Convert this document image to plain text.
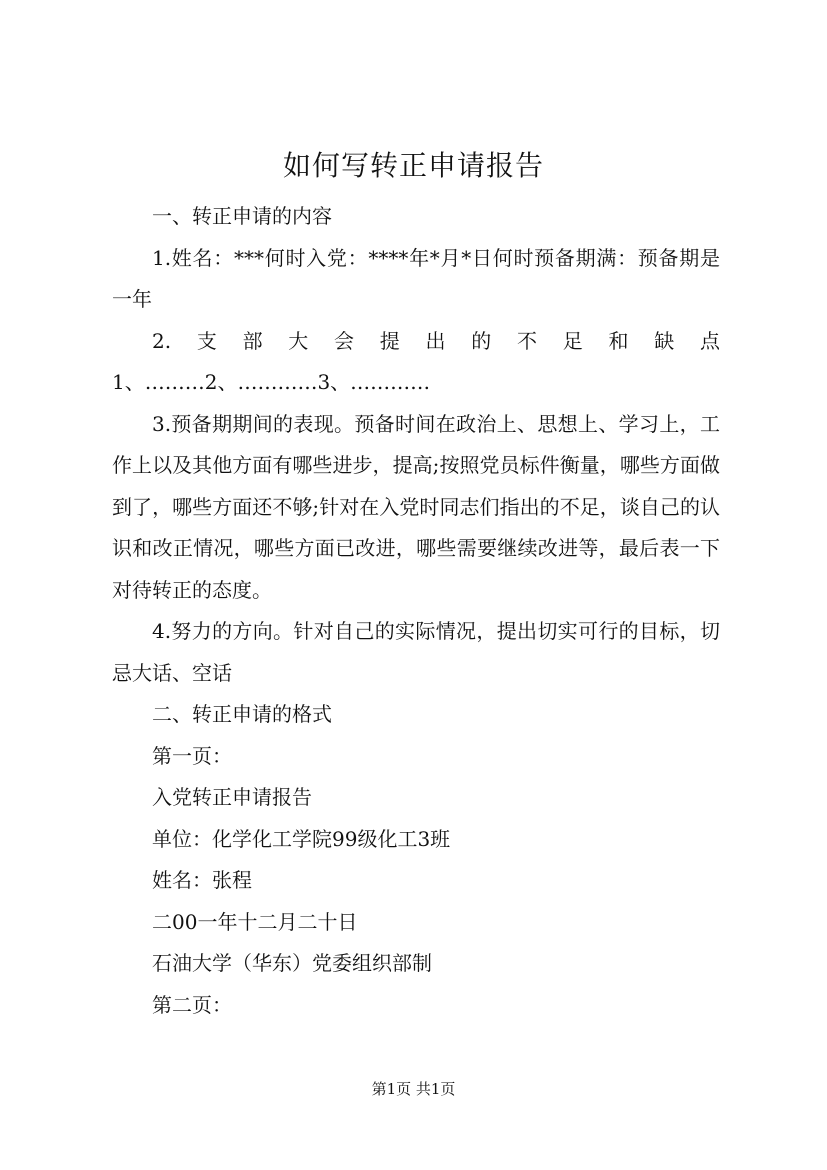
如何写转正申请报告

一、转正申请的内容

1.姓名：***何时入党：****年*月*日何时预备期满：预备期是一年

2.支部大会提出的不足和缺点

1、………2、…………3、…………

3.预备期期间的表现。预备时间在政治上、思想上、学习上，工作上以及其他方面有哪些进步，提高;按照党员标件衡量，哪些方面做到了，哪些方面还不够;针对在入党时同志们指出的不足，谈自己的认识和改正情况，哪些方面已改进，哪些需要继续改进等，最后表一下对待转正的态度。

4.努力的方向。针对自己的实际情况，提出切实可行的目标，切忌大话、空话

二、转正申请的格式

第一页：

入党转正申请报告

单位：化学化工学院99级化工3班

姓名：张程

二00一年十二月二十日

石油大学（华东）党委组织部制

第二页：

第1页 共1页
